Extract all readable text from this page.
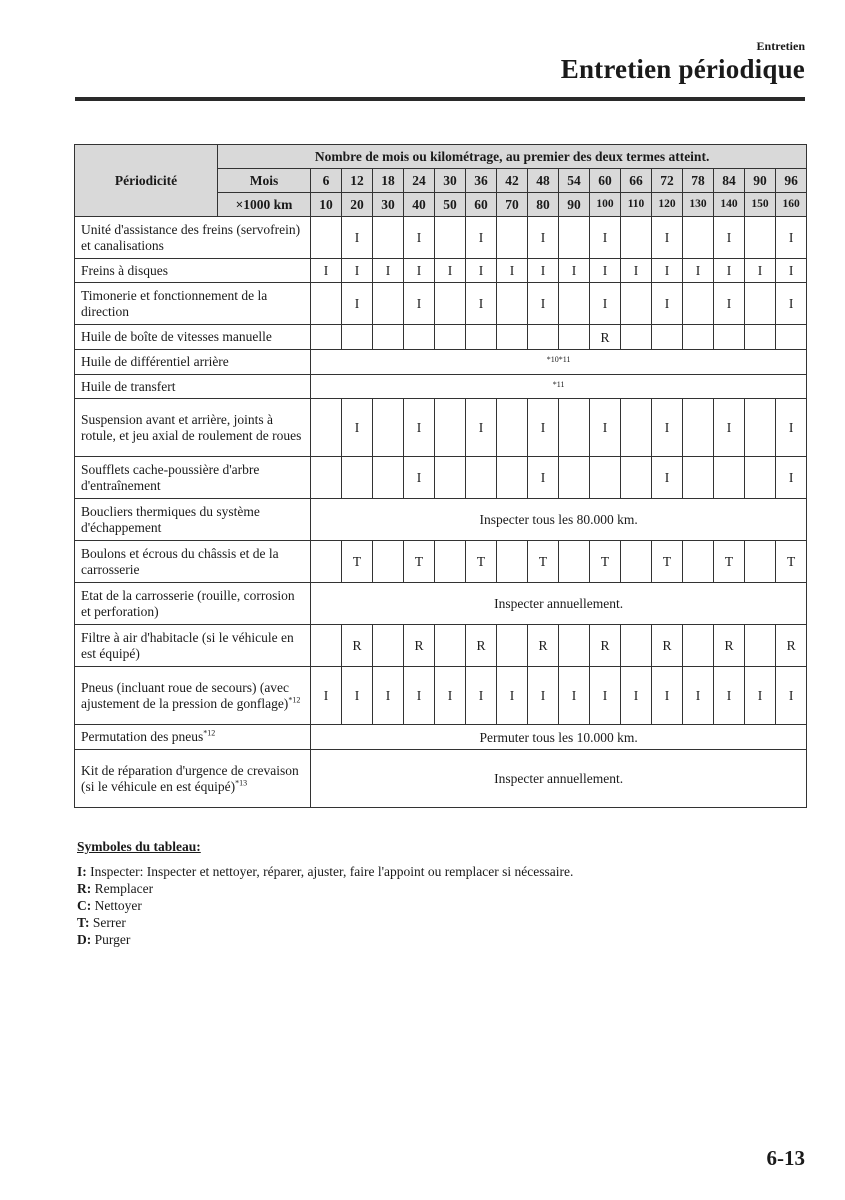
Entretien
Entretien périodique
Périodicité	Nombre de mois ou kilométrage, au premier des deux termes atteint.																
	Mois	6	12	18	24	30	36	42	48	54	60	66	72	78	84	90	96
	×1000 km	10	20	30	40	50	60	70	80	90	100	110	120	130	140	150	160
Unité d'assistance des freins (servofrein) et canalisations			I		I		I		I		I		I		I		I
Freins à disques		I	I	I	I	I	I	I	I	I	I	I	I	I	I	I	I
Timonerie et fonctionnement de la direction			I		I		I		I		I		I		I		I
Huile de boîte de vitesses manuelle											R						
Huile de différentiel arrière		*10*11															
Huile de transfert		*11															
Suspension avant et arrière, joints à rotule, et jeu axial de roulement de roues			I		I		I		I		I		I		I		I
Soufflets cache-poussière d'arbre d'entraînement					I				I				I				I
Boucliers thermiques du système d'échappement		Inspecter tous les 80.000 km.															
Boulons et écrous du châssis et de la carrosserie			T		T		T		T		T		T		T		T
Etat de la carrosserie (rouille, corrosion et perforation)		Inspecter annuellement.															
Filtre à air d'habitacle (si le véhicule en est équipé)			R		R		R		R		R		R		R		R
Pneus (incluant roue de secours) (avec ajustement de la pression de gonflage)$^{*12}$		I	I	I	I	I	I	I	I	I	I	I	I	I	I	I	I
Permutation des pneus$^{*12}$		Permuter tous les 10.000 km.															
Kit de réparation d'urgence de crevaison (si le véhicule en est équipé)$^{*13}$		Inspecter annuellement.															
Symboles du tableau:
I: Inspecter: Inspecter et nettoyer, réparer, ajuster, faire l'appoint ou remplacer si nécessaire.
R: Remplacer
C: Nettoyer
T: Serrer
D: Purger
6-13
